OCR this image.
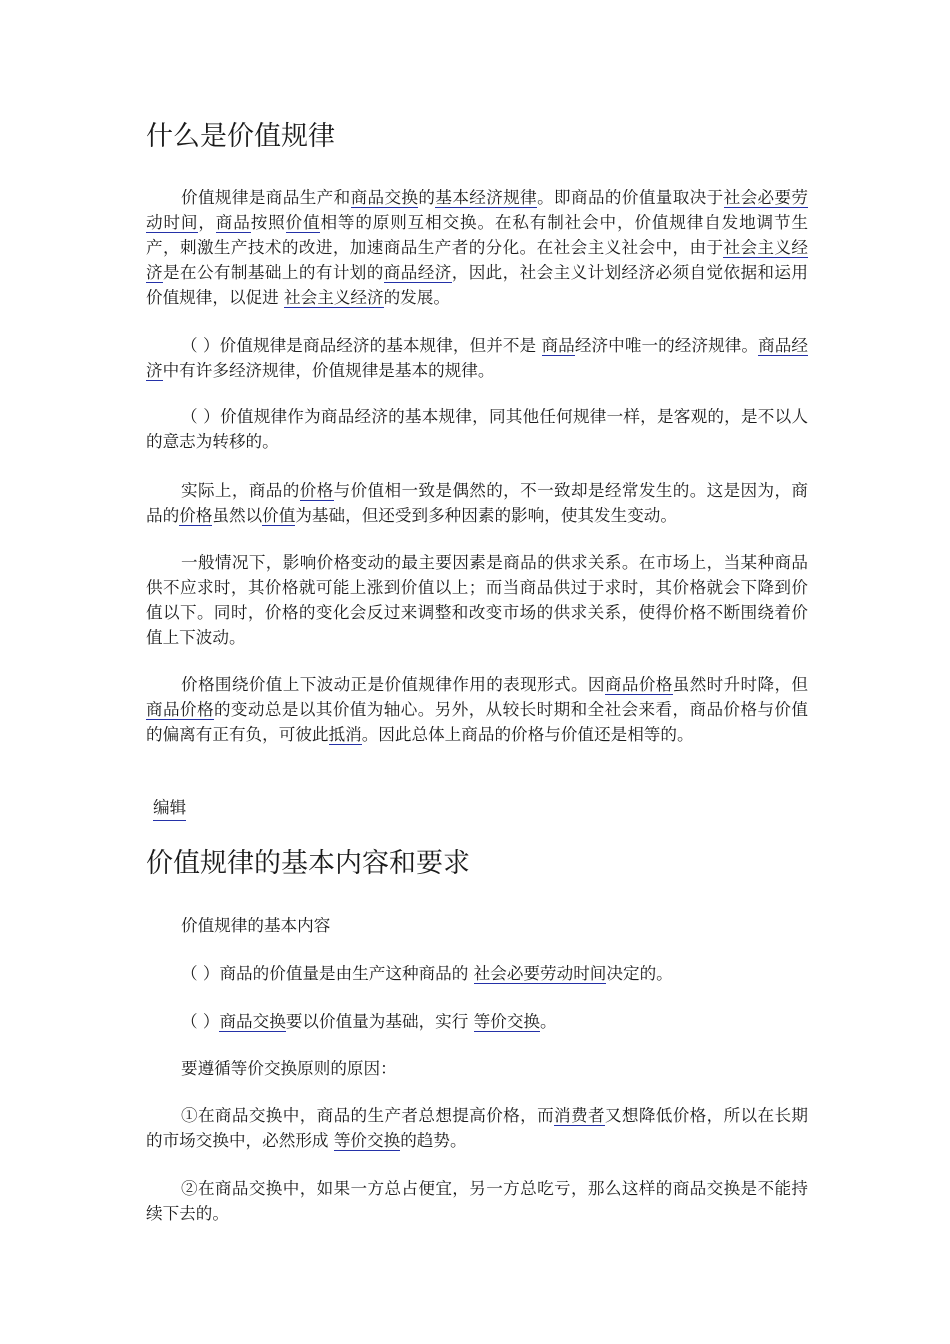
什么是价值规律

价值规律是商品生产和商品交换的基本经济规律。即商品的价值量取决于社会必要劳动时间，商品按照价值相等的原则互相交换。在私有制社会中，价值规律自发地调节生产，刺激生产技术的改进，加速商品生产者的分化。在社会主义社会中，由于社会主义经济是在公有制基础上的有计划的商品经济，因此，社会主义计划经济必须自觉依据和运用价值规律，以促进 社会主义经济的发展。

（ ）价值规律是商品经济的基本规律，但并不是 商品经济中唯一的经济规律。商品经济中有许多经济规律，价值规律是基本的规律。

（ ）价值规律作为商品经济的基本规律，同其他任何规律一样，是客观的，是不以人的意志为转移的。

实际上，商品的价格与价值相一致是偶然的，不一致却是经常发生的。这是因为，商品的价格虽然以价值为基础，但还受到多种因素的影响，使其发生变动。

一般情况下，影响价格变动的最主要因素是商品的供求关系。在市场上，当某种商品供不应求时，其价格就可能上涨到价值以上；而当商品供过于求时，其价格就会下降到价值以下。同时，价格的变化会反过来调整和改变市场的供求关系，使得价格不断围绕着价值上下波动。

价格围绕价值上下波动正是价值规律作用的表现形式。因商品价格虽然时升时降，但商品价格的变动总是以其价值为轴心。另外，从较长时期和全社会来看，商品价格与价值的偏离有正有负，可彼此抵消。因此总体上商品的价格与价值还是相等的。

编辑
价值规律的基本内容和要求

价值规律的基本内容

（ ）商品的价值量是由生产这种商品的 社会必要劳动时间决定的。

（ ）商品交换要以价值量为基础，实行 等价交换。

要遵循等价交换原则的原因：

①在商品交换中，商品的生产者总想提高价格，而消费者又想降低价格，所以在长期的市场交换中，必然形成 等价交换的趋势。

②在商品交换中，如果一方总占便宜，另一方总吃亏，那么这样的商品交换是不能持续下去的。
